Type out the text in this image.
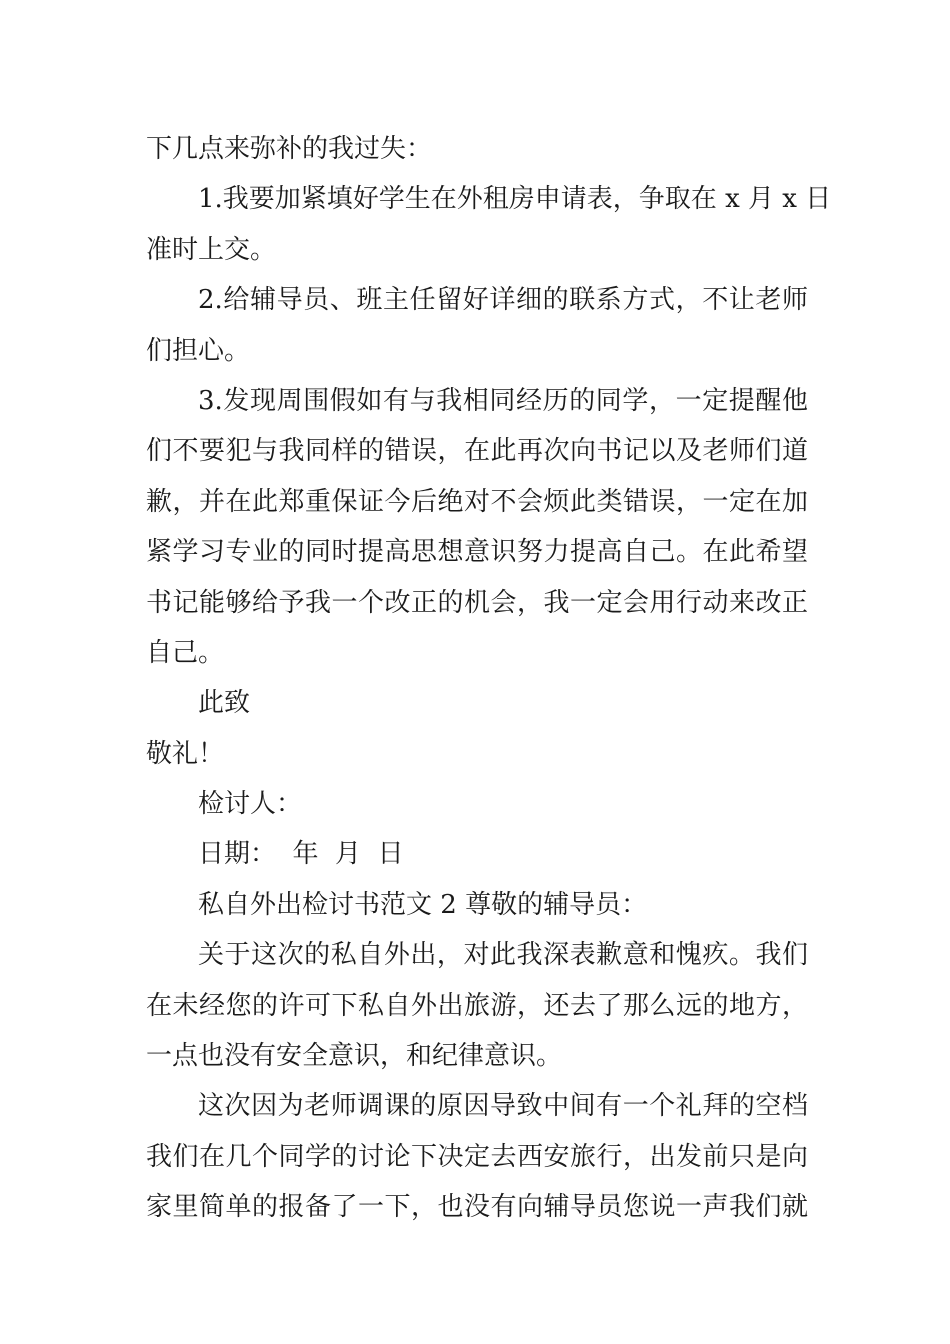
下几点来弥补的我过失：
1.我要加紧填好学生在外租房申请表，争取在 x 月 x 日
准时上交。
2.给辅导员、班主任留好详细的联系方式，不让老师
们担心。
3.发现周围假如有与我相同经历的同学，一定提醒他
们不要犯与我同样的错误，在此再次向书记以及老师们道
歉，并在此郑重保证今后绝对不会烦此类错误，一定在加
紧学习专业的同时提高思想意识努力提高自己。在此希望
书记能够给予我一个改正的机会，我一定会用行动来改正
自己。
此致
敬礼！
检讨人：
日期：  年  月  日
私自外出检讨书范文 2 尊敬的辅导员：
关于这次的私自外出，对此我深表歉意和愧疚。我们
在未经您的许可下私自外出旅游，还去了那么远的地方，
一点也没有安全意识，和纪律意识。
这次因为老师调课的原因导致中间有一个礼拜的空档
我们在几个同学的讨论下决定去西安旅行，出发前只是向
家里简单的报备了一下，也没有向辅导员您说一声我们就
